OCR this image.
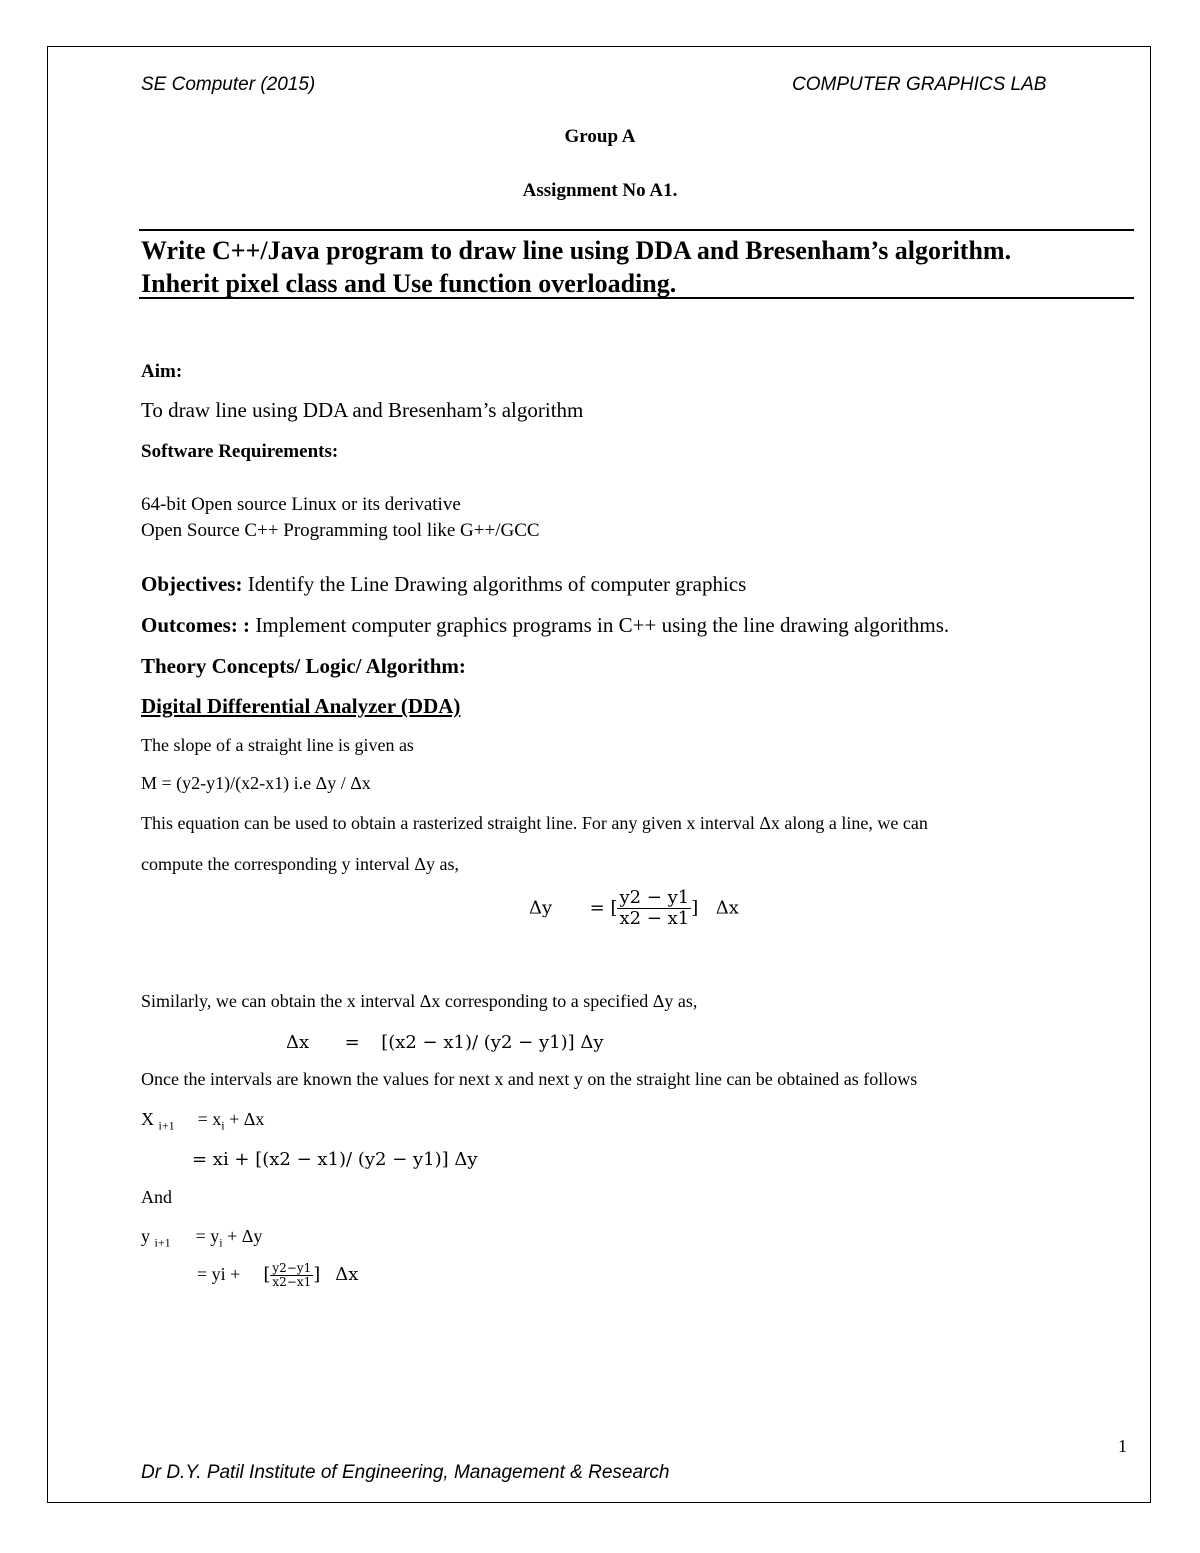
SE Computer (2015)	COMPUTER GRAPHICS LAB
Group A
Assignment No A1.
Write C++/Java program to draw line using DDA and Bresenham’s algorithm.
Inherit pixel class and Use function overloading.
Aim:
To draw line using DDA and Bresenham’s algorithm
Software Requirements:
64-bit Open source Linux or its derivative
Open Source C++ Programming tool like G++/GCC
Objectives: Identify the Line Drawing algorithms of computer graphics
Outcomes: : Implement computer graphics programs in C++ using the line drawing algorithms.
Theory Concepts/ Logic/ Algorithm:
Digital Differential Analyzer (DDA)
The slope of a straight line is given as
M = (y2-y1)/(x2-x1) i.e Δy / Δx
This equation can be used to obtain a rasterized straight line. For any given x interval Δx along a line, we can
compute the corresponding y interval Δy as,
Δy = [ $\frac{y2 - y1}{x2 - x1}$ ] Δx
Similarly, we can obtain the x interval Δx corresponding to a specified Δy as,
Δx = [(x2 − x1)/ (y2 − y1)] Δy
Once the intervals are known the values for next x and next y on the straight line can be obtained as follows
X $_{i+1} = x_i + \Delta x$
= xi + [(x2 − x1)/ (y2 − y1)] Δy
And
y $_{i+1} = y_i + \Delta y$
= yi + [ $\frac{y2-y1}{x2-x1}$ ] Δx
1
Dr D.Y. Patil Institute of Engineering, Management & Research
